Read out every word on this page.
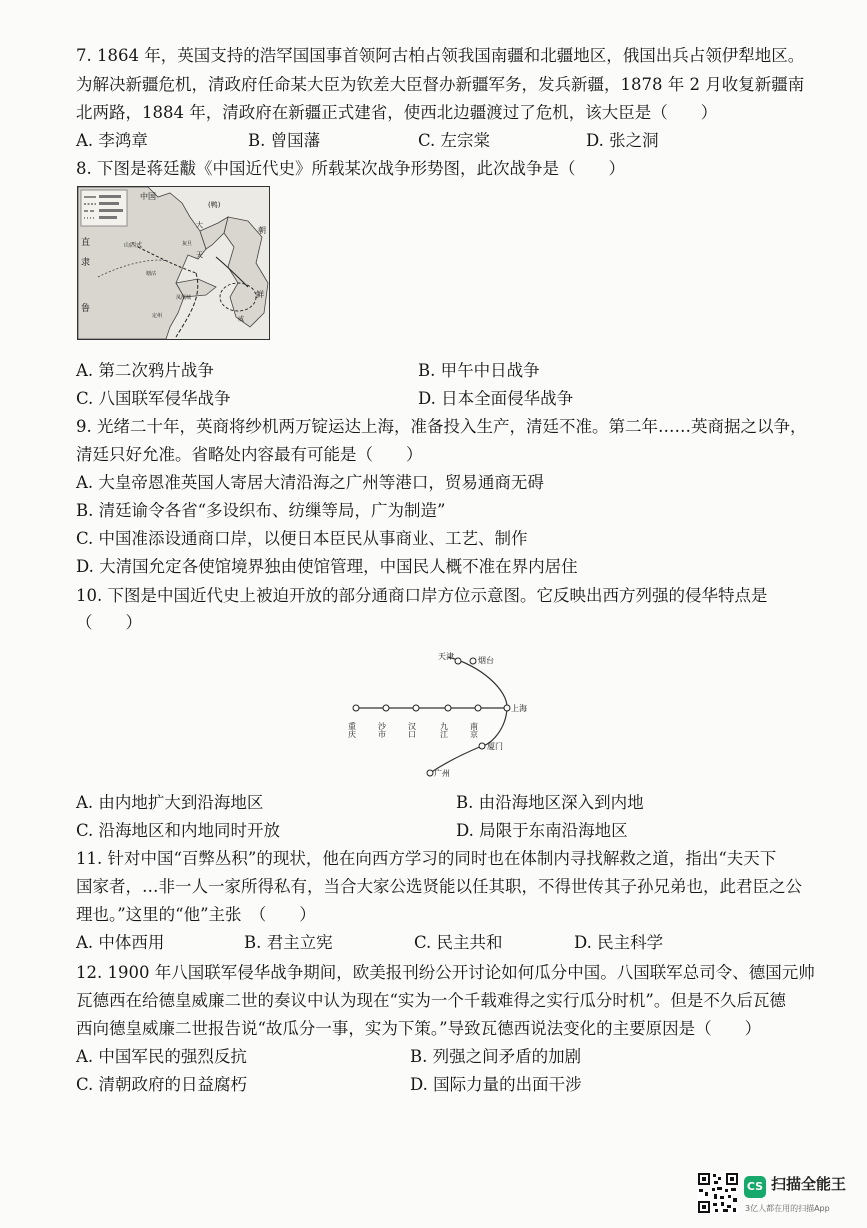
7. 1864 年，英国支持的浩罕国国事首领阿古柏占领我国南疆和北疆地区，俄国出兵占领伊犁地区。
为解决新疆危机，清政府任命某大臣为钦差大臣督办新疆军务，发兵新疆，1878 年 2 月收复新疆南
北两路，1884 年，清政府在新疆正式建省，使西北边疆渡过了危机，该大臣是（　　）
A. 李鸿章	B. 曾国藩	C. 左宗棠	D. 张之洞
8. 下图是蒋廷黻《中国近代史》所载某次战争形势图，此次战争是（　　）
中国
(鸭)
朝
直
隶
鲁
山西式
大
天
威
鲜
凤凰城
灰旦
塘沽
定州
A. 第二次鸦片战争	B. 甲午中日战争
C. 八国联军侵华战争	D. 日本全面侵华战争
9. 光绪二十年，英商将纱机两万锭运达上海，准备投入生产，清廷不准。第二年……英商据之以争，
清廷只好允准。省略处内容最有可能是（　　）
A. 大皇帝恩准英国人寄居大清沿海之广州等港口，贸易通商无碍
B. 清廷谕令各省“多设织布、纺缫等局，广为制造”
C. 中国准添设通商口岸，以便日本臣民从事商业、工艺、制作
D. 大清国允定各使馆境界独由使馆管理，中国民人概不准在界内居住
10. 下图是中国近代史上被迫开放的部分通商口岸方位示意图。它反映出西方列强的侵华特点是
（　　）
天津	烟台
上海
厦门
广州
重庆	沙市	汉口	九江	南京
A. 由内地扩大到沿海地区	B. 由沿海地区深入到内地
C. 沿海地区和内地同时开放	D. 局限于东南沿海地区
11. 针对中国“百弊丛积”的现状，他在向西方学习的同时也在体制内寻找解救之道，指出“夫天下
国家者，…非一人一家所得私有，当合大家公选贤能以任其职，不得世传其子孙兄弟也，此君臣之公
理也。”这里的“他”主张　（　　）
A. 中体西用	B. 君主立宪	C. 民主共和	D. 民主科学
12. 1900 年八国联军侵华战争期间，欧美报刊纷公开讨论如何瓜分中国。八国联军总司令、德国元帅
瓦德西在给德皇威廉二世的奏议中认为现在“实为一个千载难得之实行瓜分时机”。但是不久后瓦德
西向德皇威廉二世报告说“故瓜分一事，实为下策。”导致瓦德西说法变化的主要原因是（　　）
A. 中国军民的强烈反抗	B. 列强之间矛盾的加剧
C. 清朝政府的日益腐朽	D. 国际力量的出面干涉
CS 扫描全能王
3亿人都在用的扫描App
